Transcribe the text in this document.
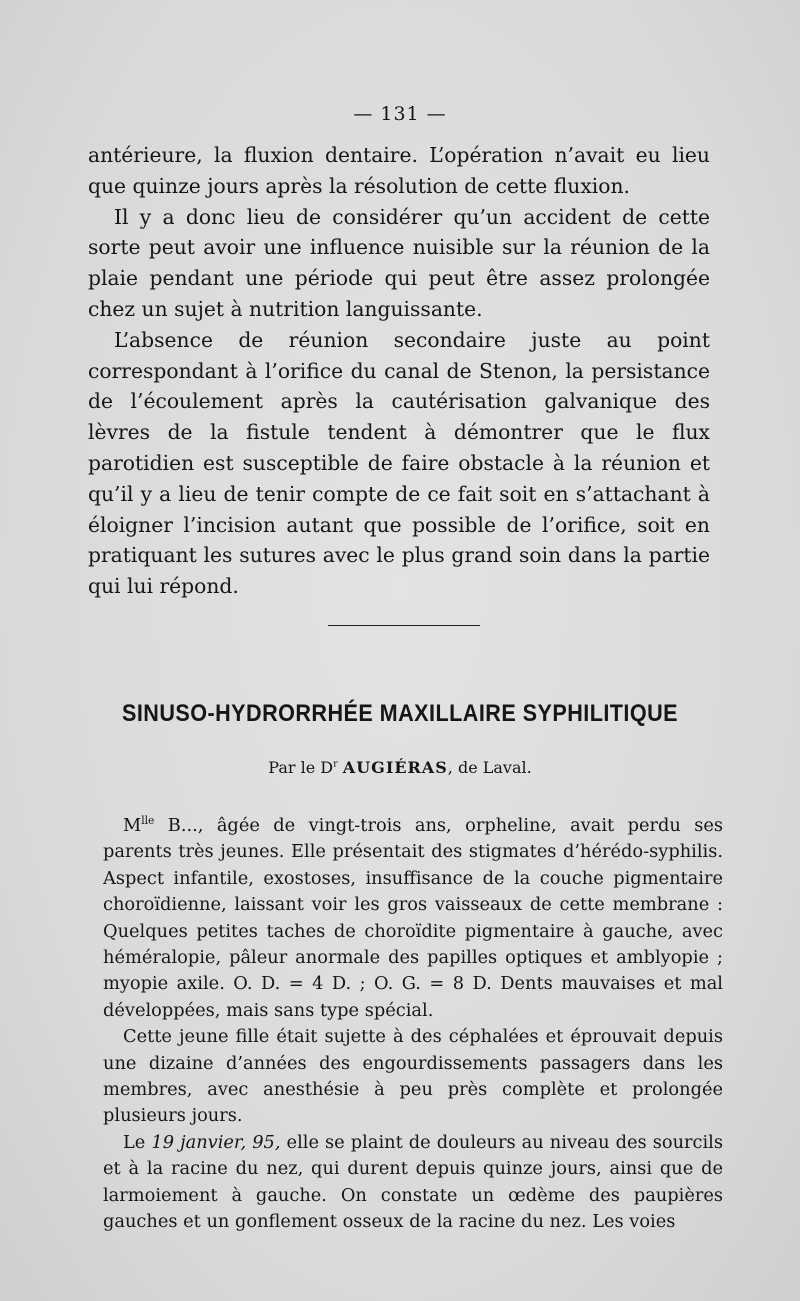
— 131 —

antérieure, la fluxion dentaire. L’opération n’avait eu lieu que quinze jours après la résolution de cette fluxion.

Il y a donc lieu de considérer qu’un accident de cette sorte peut avoir une influence nuisible sur la réunion de la plaie pendant une période qui peut être assez prolongée chez un sujet à nutrition languissante.

L’absence de réunion secondaire juste au point correspondant à l’orifice du canal de Stenon, la persistance de l’écoulement après la cautérisation galvanique des lèvres de la fistule tendent à démontrer que le flux parotidien est susceptible de faire obstacle à la réunion et qu’il y a lieu de tenir compte de ce fait soit en s’attachant à éloigner l’incision autant que possible de l’orifice, soit en pratiquant les sutures avec le plus grand soin dans la partie qui lui répond.

SINUSO-HYDRORRHÉE MAXILLAIRE SYPHILITIQUE
Par le $D^r$ AUGIÉRAS, de Laval.

$M^{lle}$ B..., âgée de vingt-trois ans, orpheline, avait perdu ses parents très jeunes. Elle présentait des stigmates d’hérédo-syphilis. Aspect infantile, exostoses, insuffisance de la couche pigmentaire choroïdienne, laissant voir les gros vaisseaux de cette membrane : Quelques petites taches de choroïdite pigmentaire à gauche, avec héméralopie, pâleur anormale des papilles optiques et amblyopie ; myopie axile. O. D. = 4 D. ; O. G. = 8 D. Dents mauvaises et mal développées, mais sans type spécial.

Cette jeune fille était sujette à des céphalées et éprouvait depuis une dizaine d’années des engourdissements passagers dans les membres, avec anesthésie à peu près complète et prolongée plusieurs jours.

Le 19 janvier, 95, elle se plaint de douleurs au niveau des sourcils et à la racine du nez, qui durent depuis quinze jours, ainsi que de larmoiement à gauche. On constate un œdème des paupières gauches et un gonflement osseux de la racine du nez. Les voies
